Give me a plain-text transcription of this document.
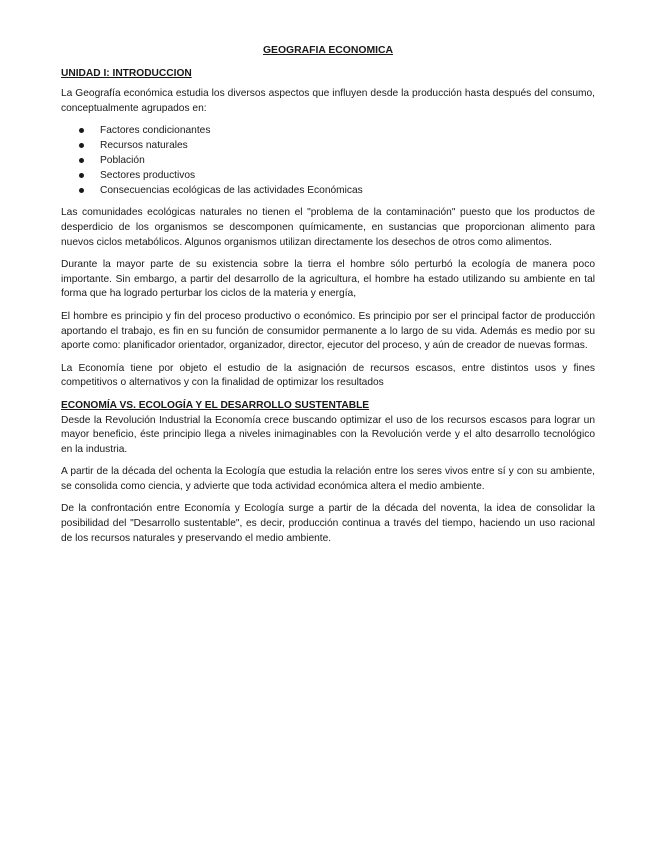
GEOGRAFIA ECONOMICA
UNIDAD I: INTRODUCCION

La Geografía económica estudia los diversos aspectos que influyen desde la producción hasta después del consumo, conceptualmente agrupados en:

Factores condicionantes
Recursos naturales
Población
Sectores productivos
Consecuencias ecológicas de las actividades Económicas

Las comunidades ecológicas naturales no tienen el "problema de la contaminación" puesto que los productos de desperdicio de los organismos se descomponen químicamente, en sustancias que proporcionan alimento para nuevos ciclos metabólicos. Algunos organismos utilizan directamente los desechos de otros como alimentos.

Durante la mayor parte de su existencia sobre la tierra el hombre sólo perturbó la ecología de manera poco importante. Sin embargo, a partir del desarrollo de la agricultura, el hombre ha estado utilizando su ambiente en tal forma que ha logrado perturbar los ciclos de la materia y energía,

El hombre es principio y fin del proceso productivo o económico. Es principio por ser el principal factor de producción aportando el trabajo, es fin en su función de consumidor permanente a lo largo de su vida. Además es medio por su aporte como: planificador orientador, organizador, director, ejecutor del proceso, y aún de creador de nuevas formas.

La Economía tiene por objeto el estudio de la asignación de recursos escasos, entre distintos usos y fines competitivos o alternativos y con la finalidad de optimizar los resultados

ECONOMÍA VS. ECOLOGÍA Y EL DESARROLLO SUSTENTABLE

Desde la Revolución Industrial la Economía crece buscando optimizar el uso de los recursos escasos para lograr un mayor beneficio, éste principio llega a niveles inimaginables con la Revolución verde y el alto desarrollo tecnológico en la industria.

A partir de la década del ochenta la Ecología que estudia la relación entre los seres vivos entre sí y con su ambiente, se consolida como ciencia, y advierte que toda actividad económica altera el medio ambiente.

De la confrontación entre Economía y Ecología surge a partir de la década del noventa, la idea de consolidar la posibilidad del "Desarrollo sustentable", es decir, producción continua a través del tiempo, haciendo un uso racional de los recursos naturales y preservando el medio ambiente.
